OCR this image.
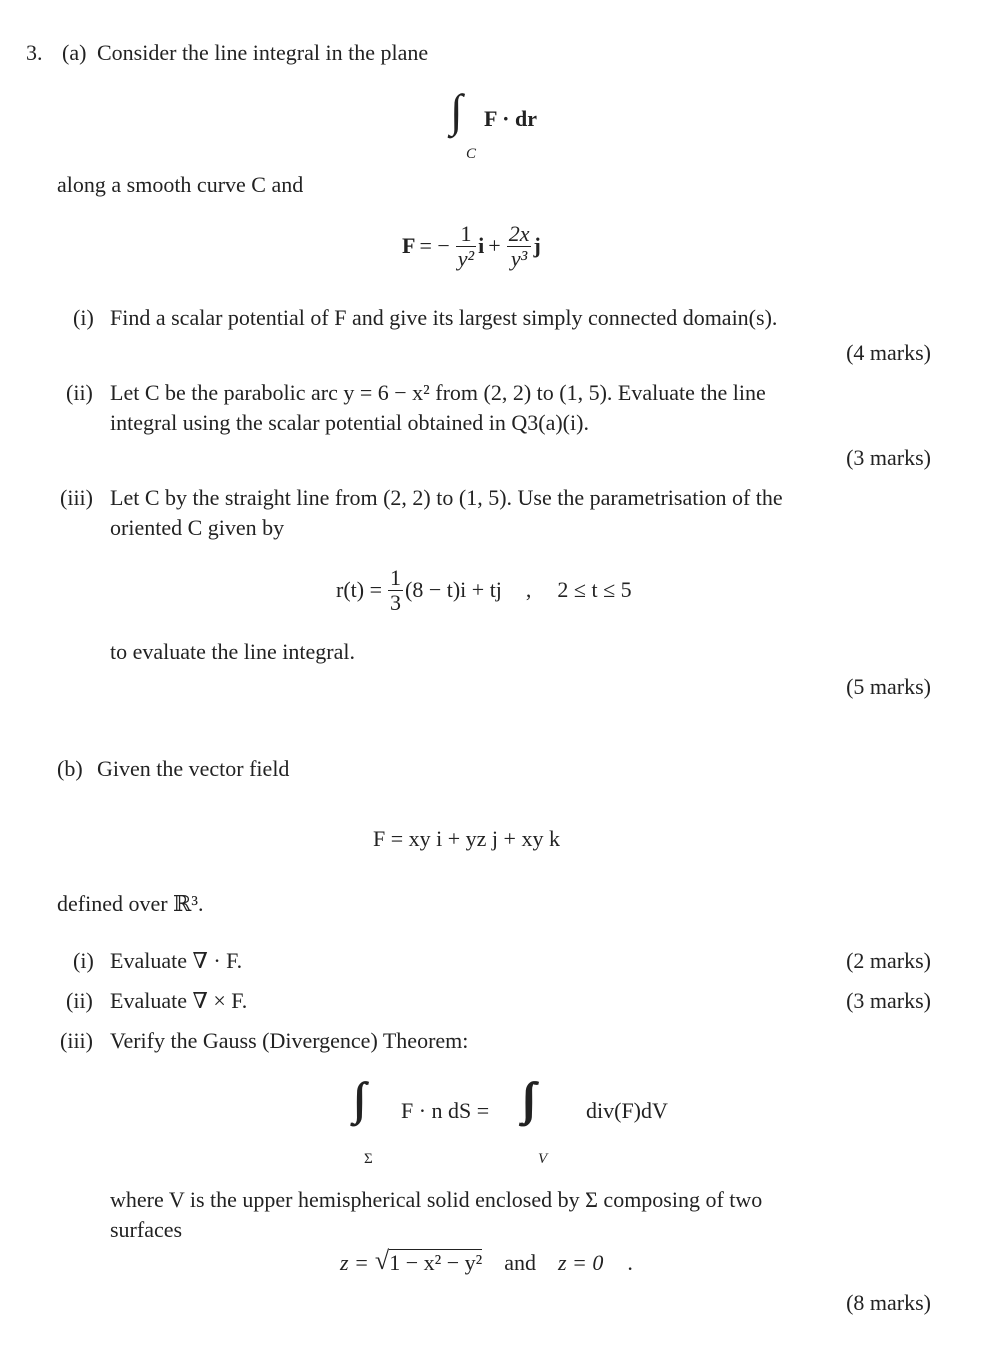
3. (a) Consider the line integral in the plane
∫
C
F · dr
along a smooth curve C and
F = − $\frac{1}{\text{y²}}$ $i + \frac{2x}{\text{y³}}$ j
(i) Find a scalar potential of F and give its largest simply connected domain(s).
(4 marks)
(ii) Let C be the parabolic arc y = 6 − x² from (2, 2) to (1, 5). Evaluate the line
integral using the scalar potential obtained in Q3(a)(i).
(3 marks)
(iii) Let C by the straight line from (2, 2) to (1, 5). Use the parametrisation of the
oriented C given by
$r(t) = \frac{1}{3} (8 - t)i$ + tj , 2 ≤ t ≤ 5
to evaluate the line integral.
(5 marks)
(b) Given the vector field
F = xy i + yz j + xy k
defined over ℝ³.
(i) Evaluate ∇ · F.	(2 marks)
(ii) Evaluate ∇ × F.	(3 marks)
(iii) Verify the Gauss (Divergence) Theorem:
Σ
F · n dS =
V
div(F)dV
where V is the upper hemispherical solid enclosed by Σ composing of two
surfaces
z = √ 1 − x² − y² and z = 0 .
(8 marks)
